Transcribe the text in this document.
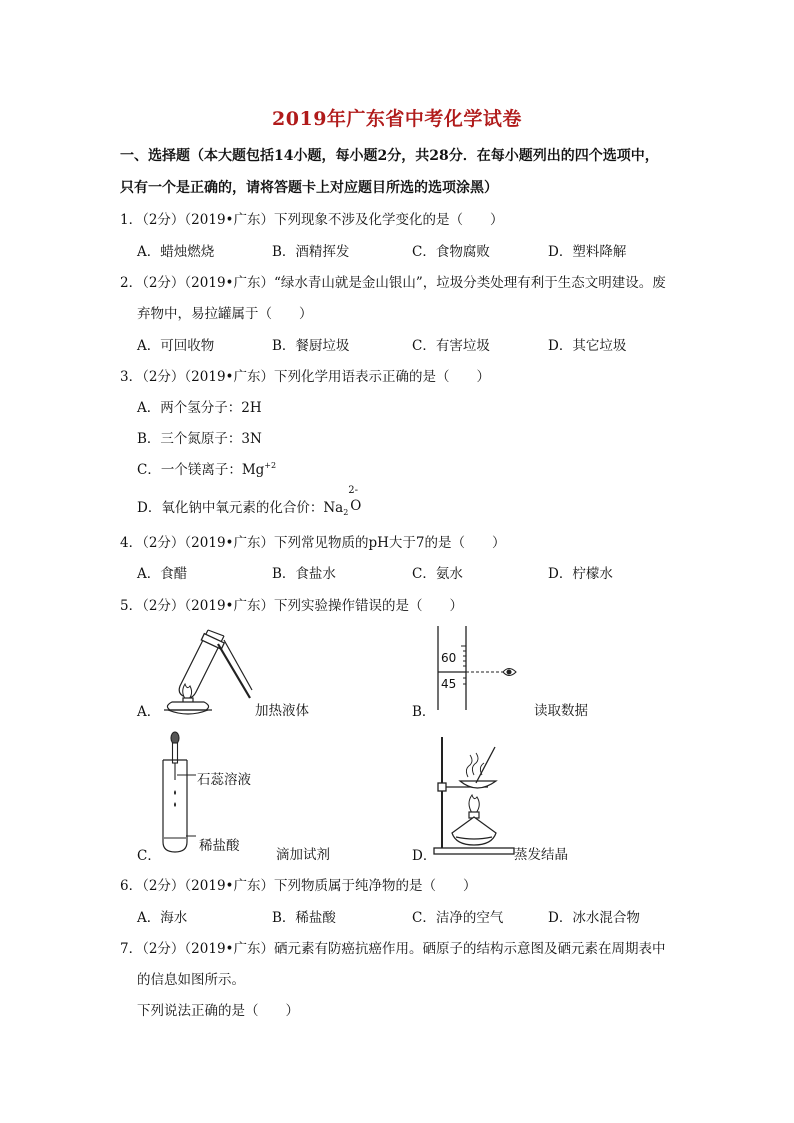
2019年广东省中考化学试卷
一、选择题（本大题包括14小题，每小题2分，共28分．在每小题列出的四个选项中，
只有一个是正确的，请将答题卡上对应题目所选的选项涂黑）
1．（2分）（2019•广东）下列现象不涉及化学变化的是（　　）
A．蜡烛燃烧	B．酒精挥发	C．食物腐败	D．塑料降解
2．（2分）（2019•广东）“绿水青山就是金山银山”，垃圾分类处理有利于生态文明建设。废
弃物中，易拉罐属于（　　）
A．可回收物	B．餐厨垃圾	C．有害垃圾	D．其它垃圾
3．（2分）（2019•广东）下列化学用语表示正确的是（　　）
A．两个氢分子：2H
B．三个氮原子：3N
C．一个镁离子：$Mg^{+2}$
D．氧化钠中氧元素的化合价：$Na_2$
2-
O
4．（2分）（2019•广东）下列常见物质的pH大于7的是（　　）
A．食醋	B．食盐水	C．氨水	D．柠檬水
5．（2分）（2019•广东）下列实验操作错误的是（　　）
A．	加热液体
60
45
B．	读取数据
石蕊溶液
稀盐酸
C．	滴加试剂	D．	蒸发结晶
6．（2分）（2019•广东）下列物质属于纯净物的是（　　）
A．海水	B．稀盐酸	C．洁净的空气	D．冰水混合物
7．（2分）（2019•广东）硒元素有防癌抗癌作用。硒原子的结构示意图及硒元素在周期表中
的信息如图所示。
下列说法正确的是（　　）
